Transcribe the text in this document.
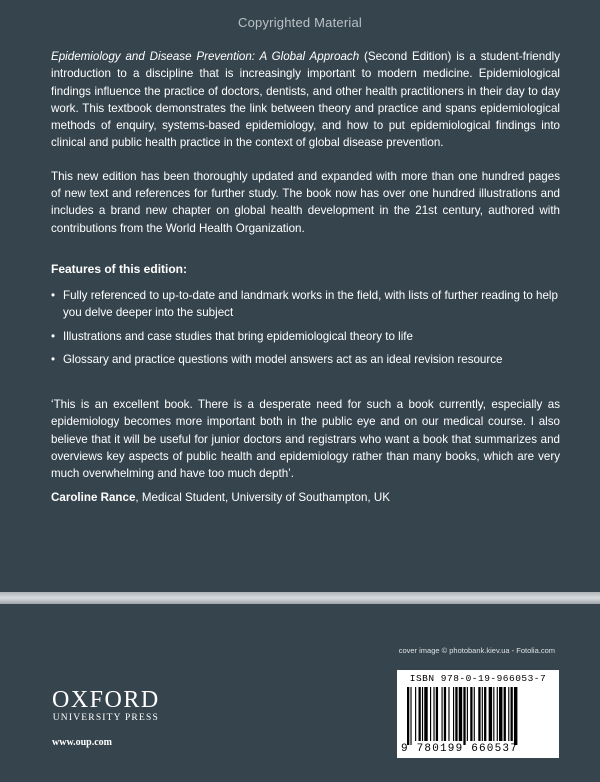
Copyrighted Material

Epidemiology and Disease Prevention: A Global Approach (Second Edition) is a student-friendly introduction to a discipline that is increasingly important to modern medicine. Epidemiological findings influence the practice of doctors, dentists, and other health practitioners in their day to day work. This textbook demonstrates the link between theory and practice and spans epidemiological methods of enquiry, systems-based epidemiology, and how to put epidemiological findings into clinical and public health practice in the context of global disease prevention.

This new edition has been thoroughly updated and expanded with more than one hundred pages of new text and references for further study. The book now has over one hundred illustrations and includes a brand new chapter on global health development in the 21st century, authored with contributions from the World Health Organization.

Features of this edition:
• Fully referenced to up-to-date and landmark works in the field, with lists of further reading to help you delve deeper into the subject
• Illustrations and case studies that bring epidemiological theory to life
• Glossary and practice questions with model answers act as an ideal revision resource

‘This is an excellent book. There is a desperate need for such a book currently, especially as epidemiology becomes more important both in the public eye and on our medical course. I also believe that it will be useful for junior doctors and registrars who want a book that summarizes and overviews key aspects of public health and epidemiology rather than many books, which are very much overwhelming and have too much depth’.

Caroline Rance, Medical Student, University of Southampton, UK
cover image © photobank.kiev.ua - Fotolia.com
OXFORD
UNIVERSITY PRESS
www.oup.com
ISBN 978-0-19-966053-7
9 780199 660537
